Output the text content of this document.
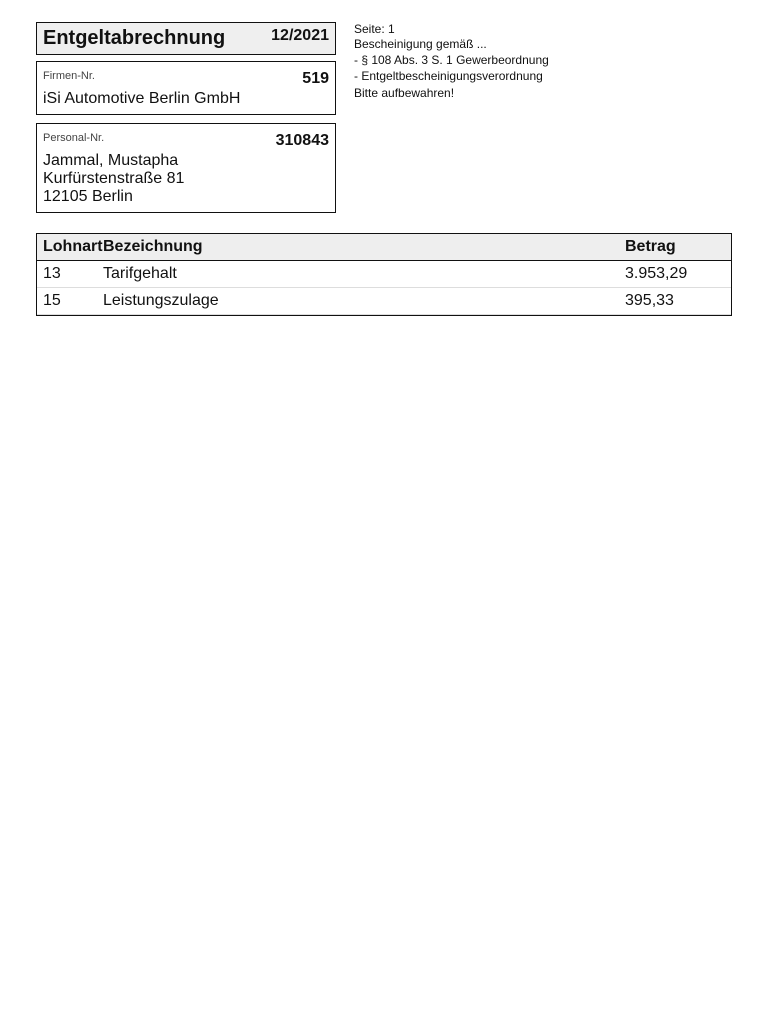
Entgeltabrechnung	12/2021
Firmen-Nr.	519
iSi Automotive Berlin GmbH
Personal-Nr.	310843
Jammal, Mustapha
Kurfürstenstraße 81
12105 Berlin
Seite: 1
Bescheinigung gemäß ...
- § 108 Abs. 3 S. 1 Gewerbeordnung
- Entgeltbescheinigungsverordnung
Bitte aufbewahren!
Lohnart Bezeichnung	Betrag
13	Tarifgehalt	3.953,29
15	Leistungszulage	395,33
